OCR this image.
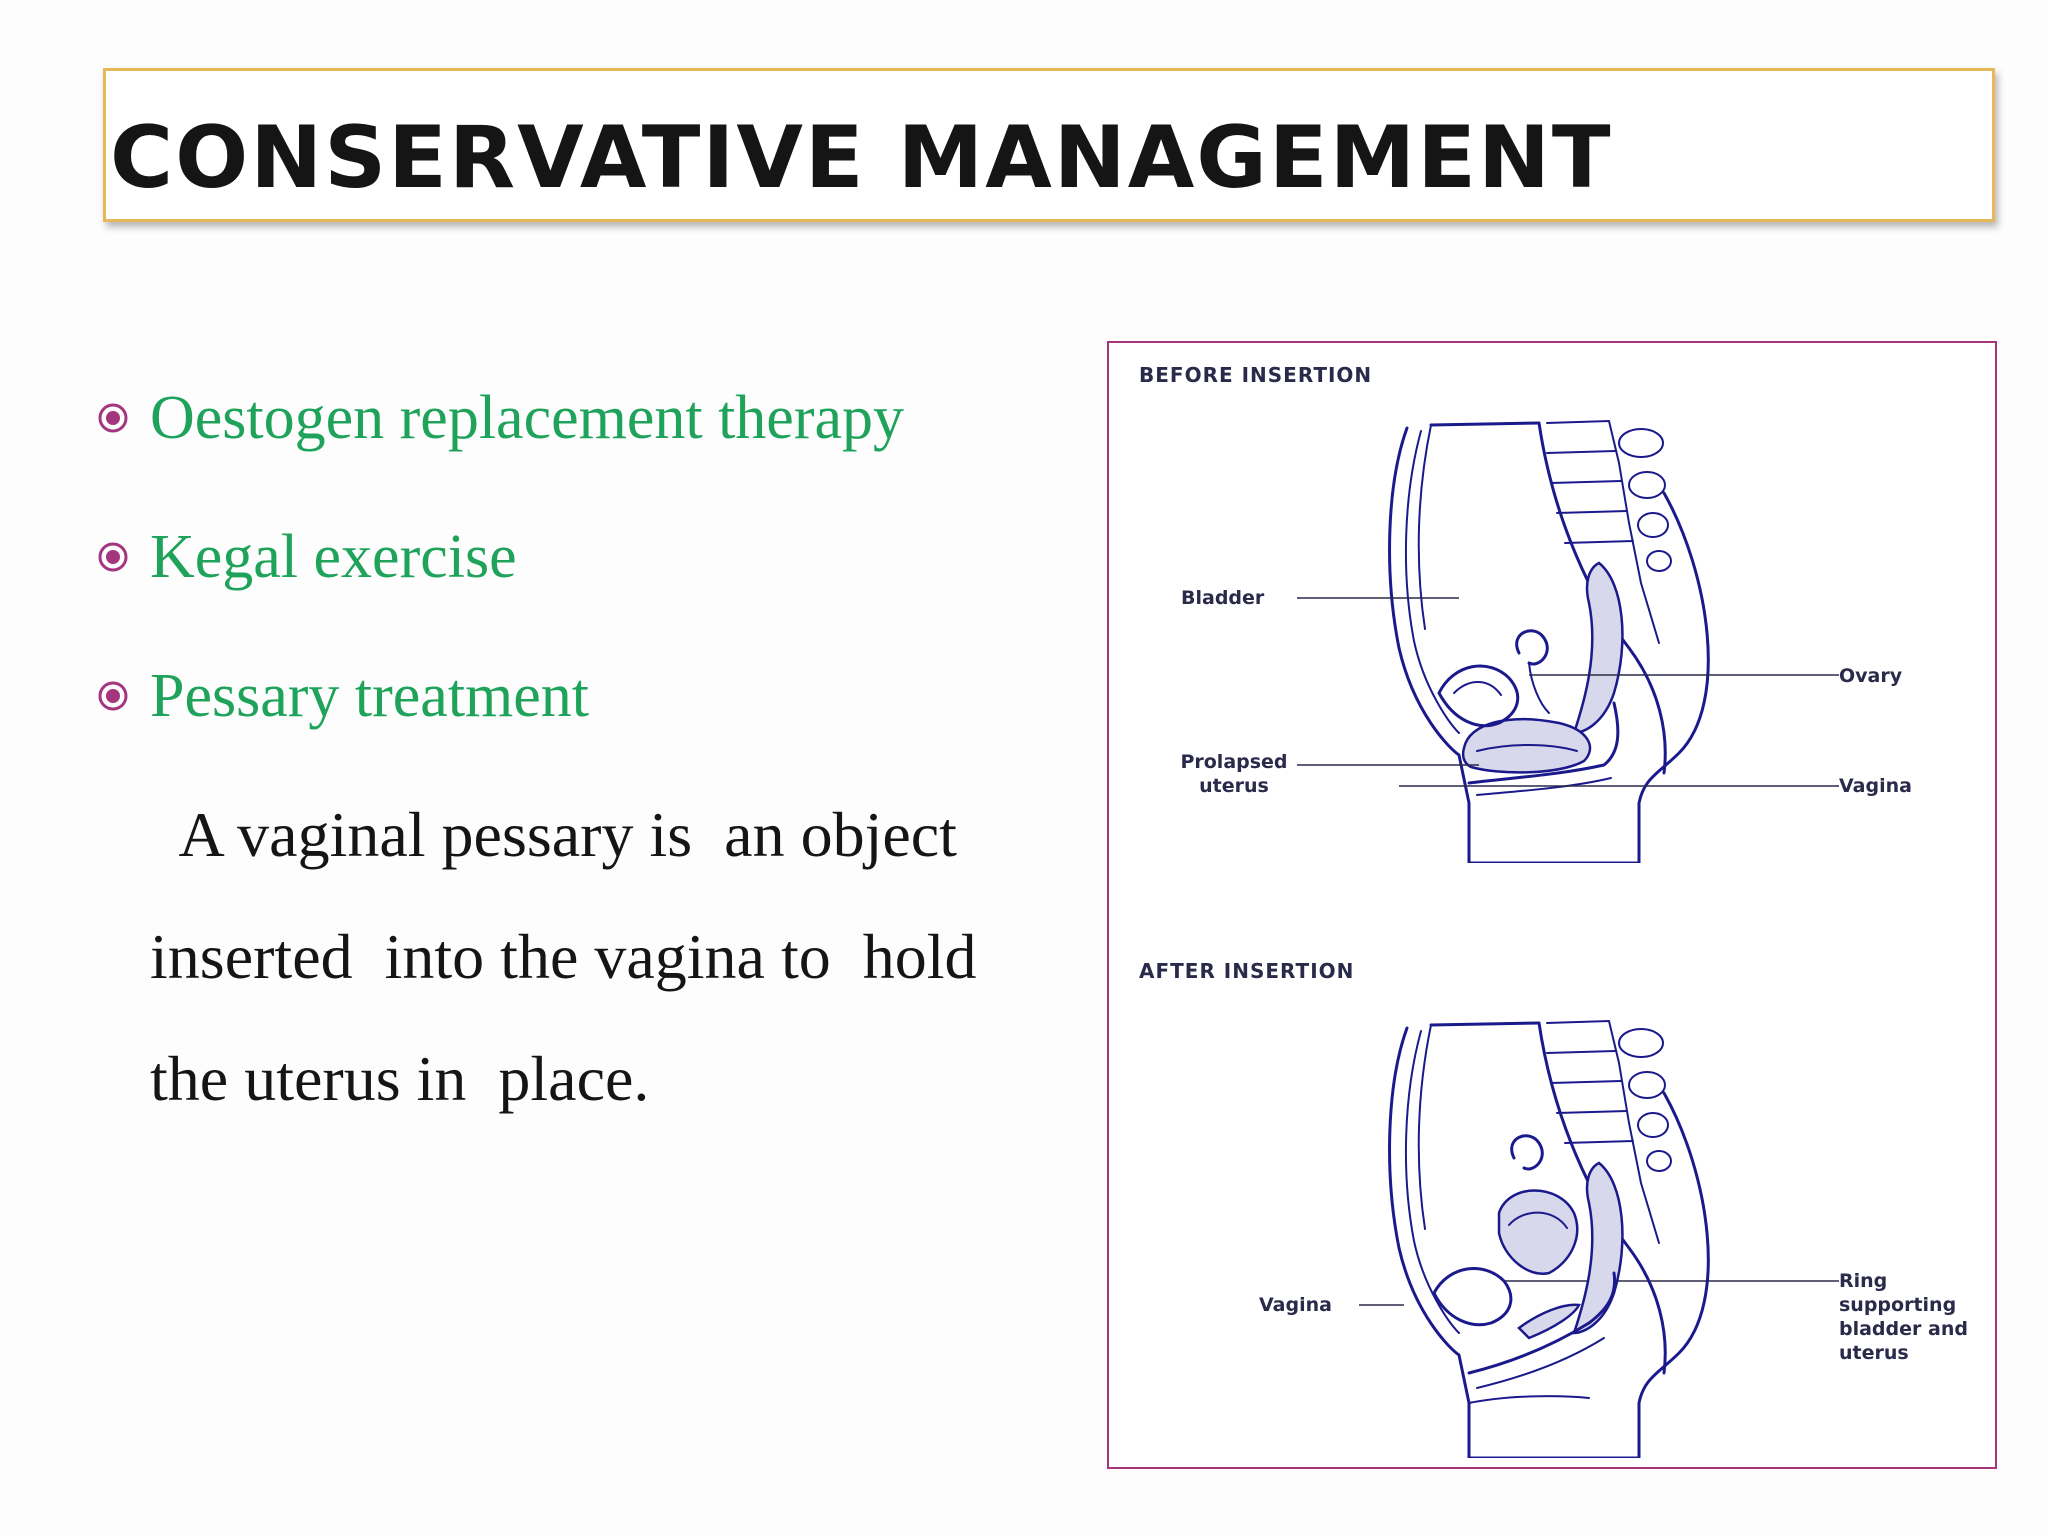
CONSERVATIVE MANAGEMENT
Oestogen replacement therapy
Kegal exercise
Pessary treatment
A vaginal pessary is  an object
inserted  into the vagina to  hold
the uterus in  place.
BEFORE INSERTION
Bladder
Prolapsed
uterus
Ovary
Vagina
AFTER INSERTION
Vagina
Ring
supporting
bladder and
uterus
